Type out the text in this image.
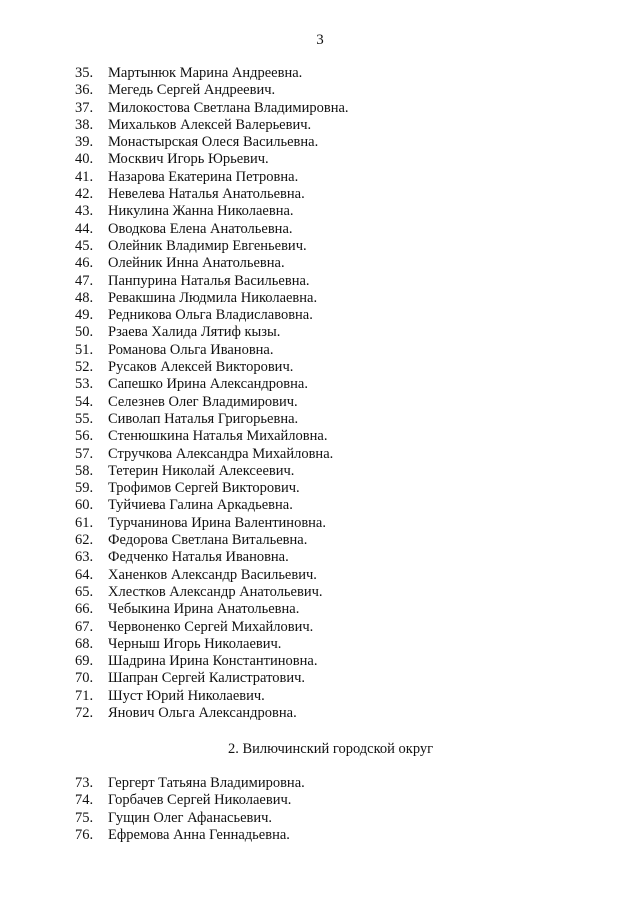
3
35.	Мартынюк Марина Андреевна.
36.	Мегедь Сергей Андреевич.
37.	Милокостова Светлана Владимировна.
38.	Михальков Алексей Валерьевич.
39.	Монастырская Олеся Васильевна.
40.	Москвич Игорь Юрьевич.
41.	Назарова Екатерина Петровна.
42.	Невелева Наталья Анатольевна.
43.	Никулина Жанна Николаевна.
44.	Оводкова Елена Анатольевна.
45.	Олейник Владимир Евгеньевич.
46.	Олейник Инна Анатольевна.
47.	Панпурина Наталья Васильевна.
48.	Ревакшина Людмила Николаевна.
49.	Редникова Ольга Владиславовна.
50.	Рзаева Халида Лятиф кызы.
51.	Романова Ольга Ивановна.
52.	Русаков Алексей Викторович.
53.	Сапешко Ирина Александровна.
54.	Селезнев Олег Владимирович.
55.	Сиволап Наталья Григорьевна.
56.	Стенюшкина Наталья Михайловна.
57.	Стручкова Александра Михайловна.
58.	Тетерин Николай Алексеевич.
59.	Трофимов Сергей Викторович.
60.	Туйчиева Галина Аркадьевна.
61.	Турчанинова Ирина Валентиновна.
62.	Федорова Светлана Витальевна.
63.	Федченко Наталья Ивановна.
64.	Ханенков Александр Васильевич.
65.	Хлестков Александр Анатольевич.
66.	Чебыкина Ирина Анатольевна.
67.	Червоненко Сергей Михайлович.
68.	Черныш Игорь Николаевич.
69.	Шадрина Ирина Константиновна.
70.	Шапран Сергей Калистратович.
71.	Шуст Юрий Николаевич.
72.	Янович Ольга Александровна.
2. Вилючинский городской округ
73.	Гергерт Татьяна Владимировна.
74.	Горбачев Сергей Николаевич.
75.	Гущин Олег Афанасьевич.
76.	Ефремова Анна Геннадьевна.
